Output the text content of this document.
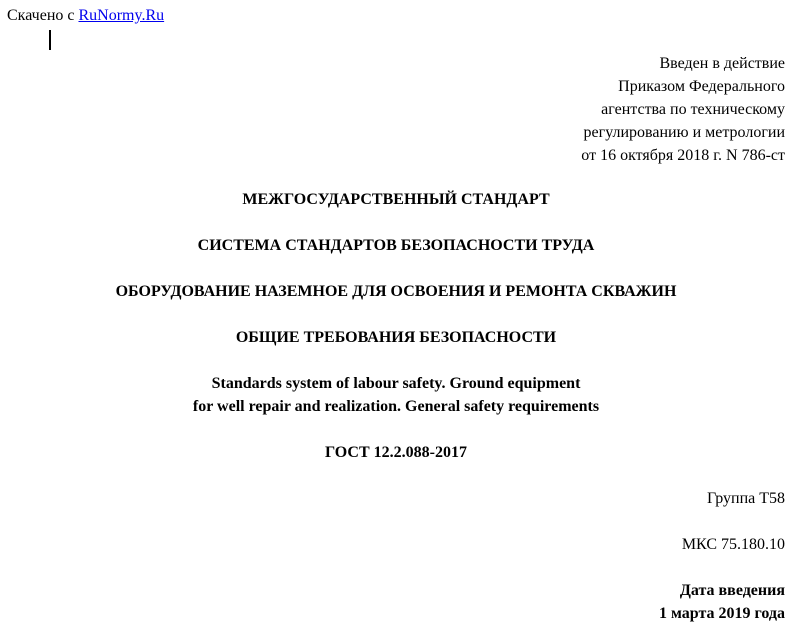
Скачено с RuNormy.Ru
Введен в действие
Приказом Федерального
агентства по техническому
регулированию и метрологии
от 16 октября 2018 г. N 786-ст
МЕЖГОСУДАРСТВЕННЫЙ СТАНДАРТ
СИСТЕМА СТАНДАРТОВ БЕЗОПАСНОСТИ ТРУДА
ОБОРУДОВАНИЕ НАЗЕМНОЕ ДЛЯ ОСВОЕНИЯ И РЕМОНТА СКВАЖИН
ОБЩИЕ ТРЕБОВАНИЯ БЕЗОПАСНОСТИ
Standards system of labour safety. Ground equipment
for well repair and realization. General safety requirements
ГОСТ 12.2.088-2017
Группа Т58
МКС 75.180.10
Дата введения
1 марта 2019 года
